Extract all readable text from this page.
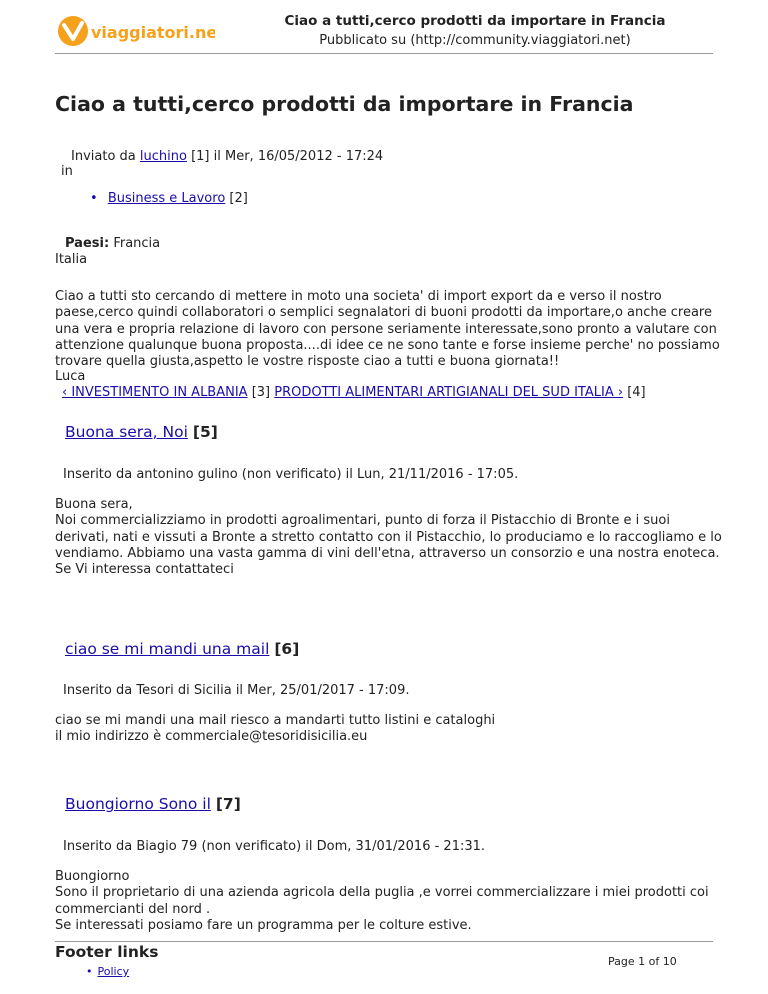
viaggiatori.net
Ciao a tutti,cerco prodotti da importare in Francia
Pubblicato su (http://community.viaggiatori.net)
Ciao a tutti,cerco prodotti da importare in Francia
Inviato da luchino [1] il Mer, 16/05/2012 - 17:24
in
• Business e Lavoro [2]
Paesi: Francia
Italia
Ciao a tutti sto cercando di mettere in moto una societa' di import export da e verso il nostro paese,cerco quindi collaboratori o semplici segnalatori di buoni prodotti da importare,o anche creare una vera e propria relazione di lavoro con persone seriamente interessate,sono pronto a valutare con attenzione qualunque buona proposta....di idee ce ne sono tante e forse insieme perche' no possiamo trovare quella giusta,aspetto le vostre risposte ciao a tutti e buona giornata!!
Luca
‹ INVESTIMENTO IN ALBANIA [3] PRODOTTI ALIMENTARI ARTIGIANALI DEL SUD ITALIA › [4]
Buona sera, Noi [5]
Inserito da antonino gulino (non verificato) il Lun, 21/11/2016 - 17:05.

Buona sera,

Noi commercializziamo in prodotti agroalimentari, punto di forza il Pistacchio di Bronte e i suoi derivati, nati e vissuti a Bronte a stretto contatto con il Pistacchio, lo produciamo e lo raccogliamo e lo vendiamo. Abbiamo una vasta gamma di vini dell'etna, attraverso un consorzio e una nostra enoteca.

Se Vi interessa contattateci

ciao se mi mandi una mail [6]
Inserito da Tesori di Sicilia il Mer, 25/01/2017 - 17:09.

ciao se mi mandi una mail riesco a mandarti tutto listini e cataloghi

il mio indirizzo è commerciale@tesoridisicilia.eu

Buongiorno Sono il [7]
Inserito da Biagio 79 (non verificato) il Dom, 31/01/2016 - 21:31.

Buongiorno

Sono il proprietario di una azienda agricola della puglia ,e vorrei commercializzare i miei prodotti coi commercianti del nord .

Se interessati posiamo fare un programma per le colture estive.

Footer links
• Policy
Page 1 of 10
